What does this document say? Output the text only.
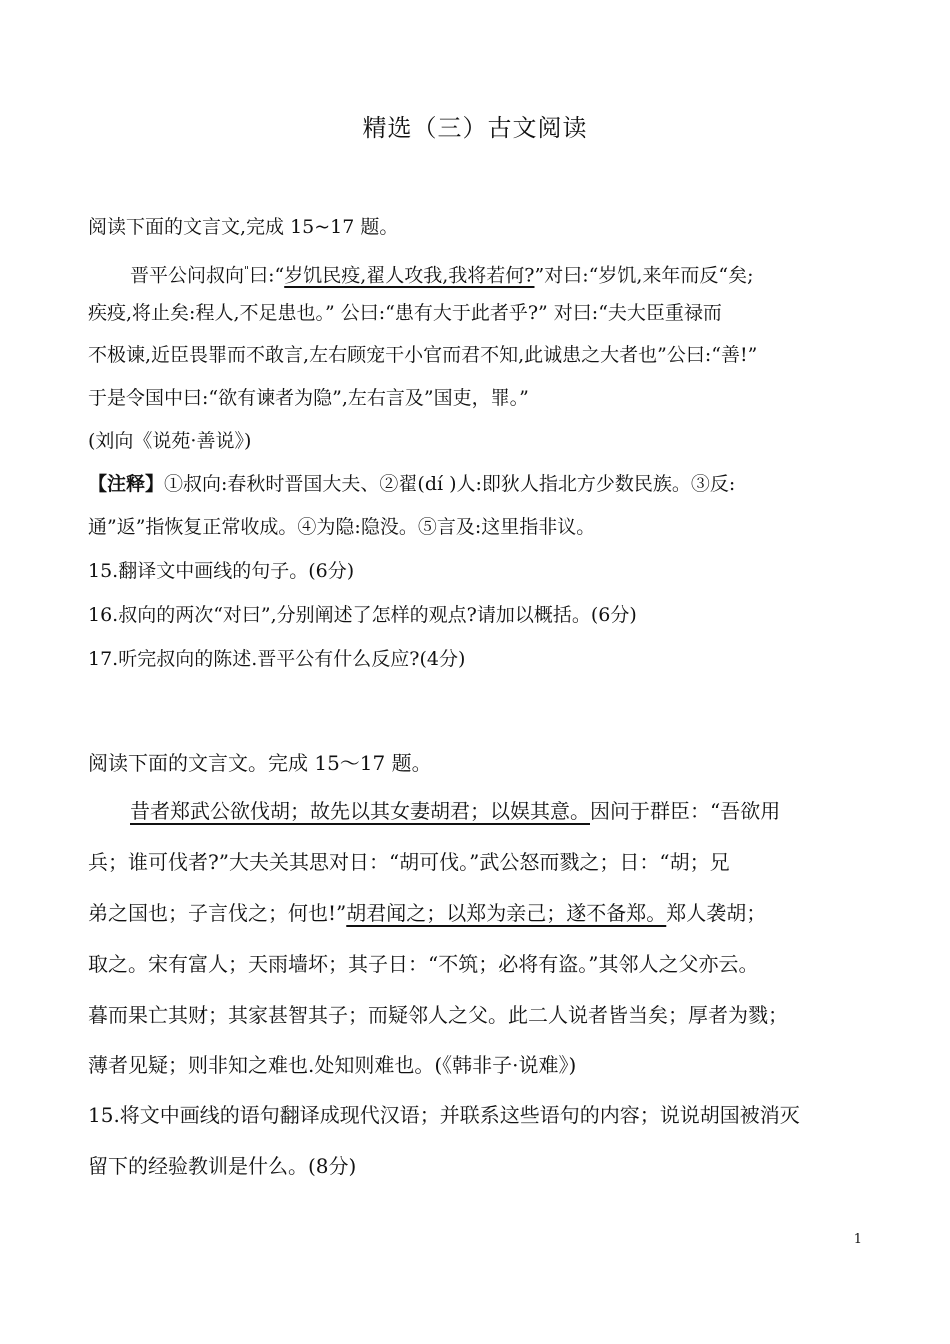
精选（三）古文阅读
阅读下面的文言文,完成 15~17 题。
晋平公问叔向"曰:“岁饥民疫,翟人攻我,我将若何?”对曰:“岁饥,来年而反“矣;
疾疫,将止矣:程人,不足患也。” 公曰:“患有大于此者乎?” 对曰:“夫大臣重禄而
不极谏,近臣畏罪而不敢言,左右顾宠干小官而君不知,此诚患之大者也”公曰:“善!”
于是令国中曰:“欲有谏者为隐”,左右言及”国吏，罪。”
(刘向《说苑·善说》)
【注释】①叔向:春秋时晋国大夫、②翟(dí )人:即狄人指北方少数民族。③反:
通”返”指恢复正常收成。④为隐:隐没。⑤言及:这里指非议。
15.翻译文中画线的句子。(6分)
16.叔向的两次“对曰”,分别阐述了怎样的观点?请加以概括。(6分)
17.听完叔向的陈述.晋平公有什么反应?(4分)
阅读下面的文言文。完成 15～17 题。
昔者郑武公欲伐胡；故先以其女妻胡君；以娱其意。因问于群臣：“吾欲用
兵；谁可伐者?”大夫关其思对日：“胡可伐。”武公怒而戮之；日：“胡；兄
弟之国也；子言伐之；何也!”胡君闻之；以郑为亲己；遂不备郑。郑人袭胡；
取之。宋有富人；天雨墙坏；其子日：“不筑；必将有盗。”其邻人之父亦云。
暮而果亡其财；其家甚智其子；而疑邻人之父。此二人说者皆当矣；厚者为戮；
薄者见疑；则非知之难也.处知则难也。(《韩非子·说难》)
15.将文中画线的语句翻译成现代汉语；并联系这些语句的内容；说说胡国被消灭
留下的经验教训是什么。(8分)
1
